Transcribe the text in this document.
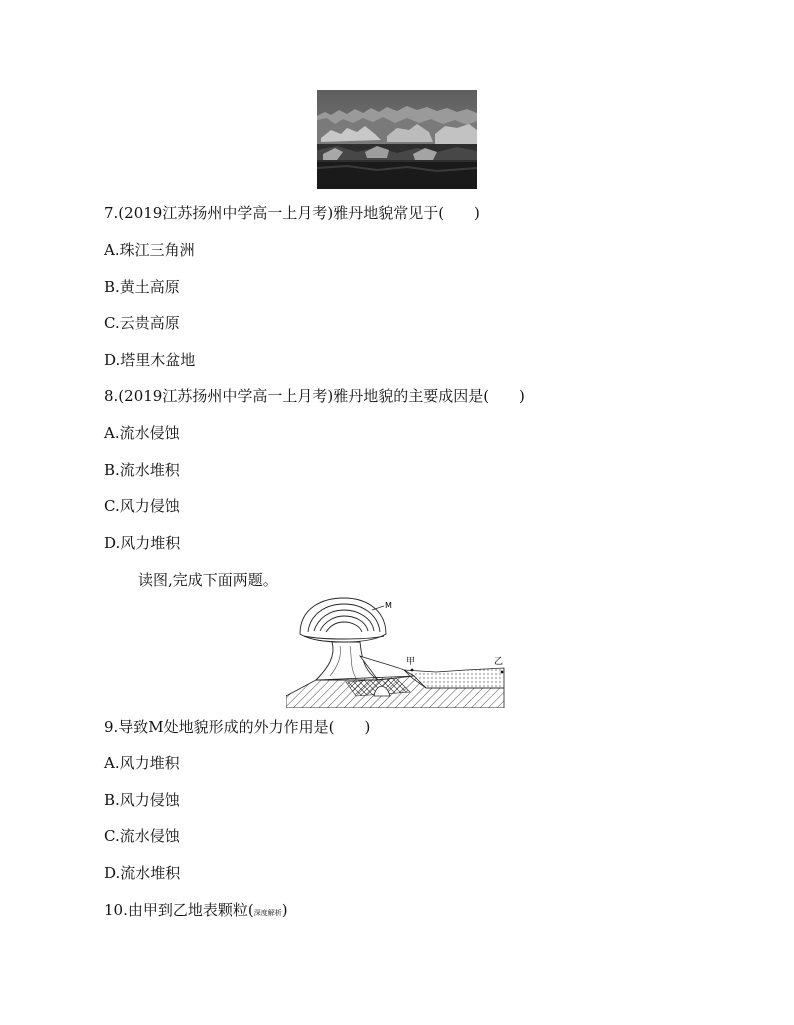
7.(2019江苏扬州中学高一上月考)雅丹地貌常见于(　　)
A.珠江三角洲
B.黄土高原
C.云贵高原
D.塔里木盆地
8.(2019江苏扬州中学高一上月考)雅丹地貌的主要成因是(　　)
A.流水侵蚀
B.流水堆积
C.风力侵蚀
D.风力堆积
读图,完成下面两题。
M
甲	乙
9.导致M处地貌形成的外力作用是(　　)
A.风力堆积
B.风力侵蚀
C.流水侵蚀
D.流水堆积
10.由甲到乙地表颗粒(深度解析)
